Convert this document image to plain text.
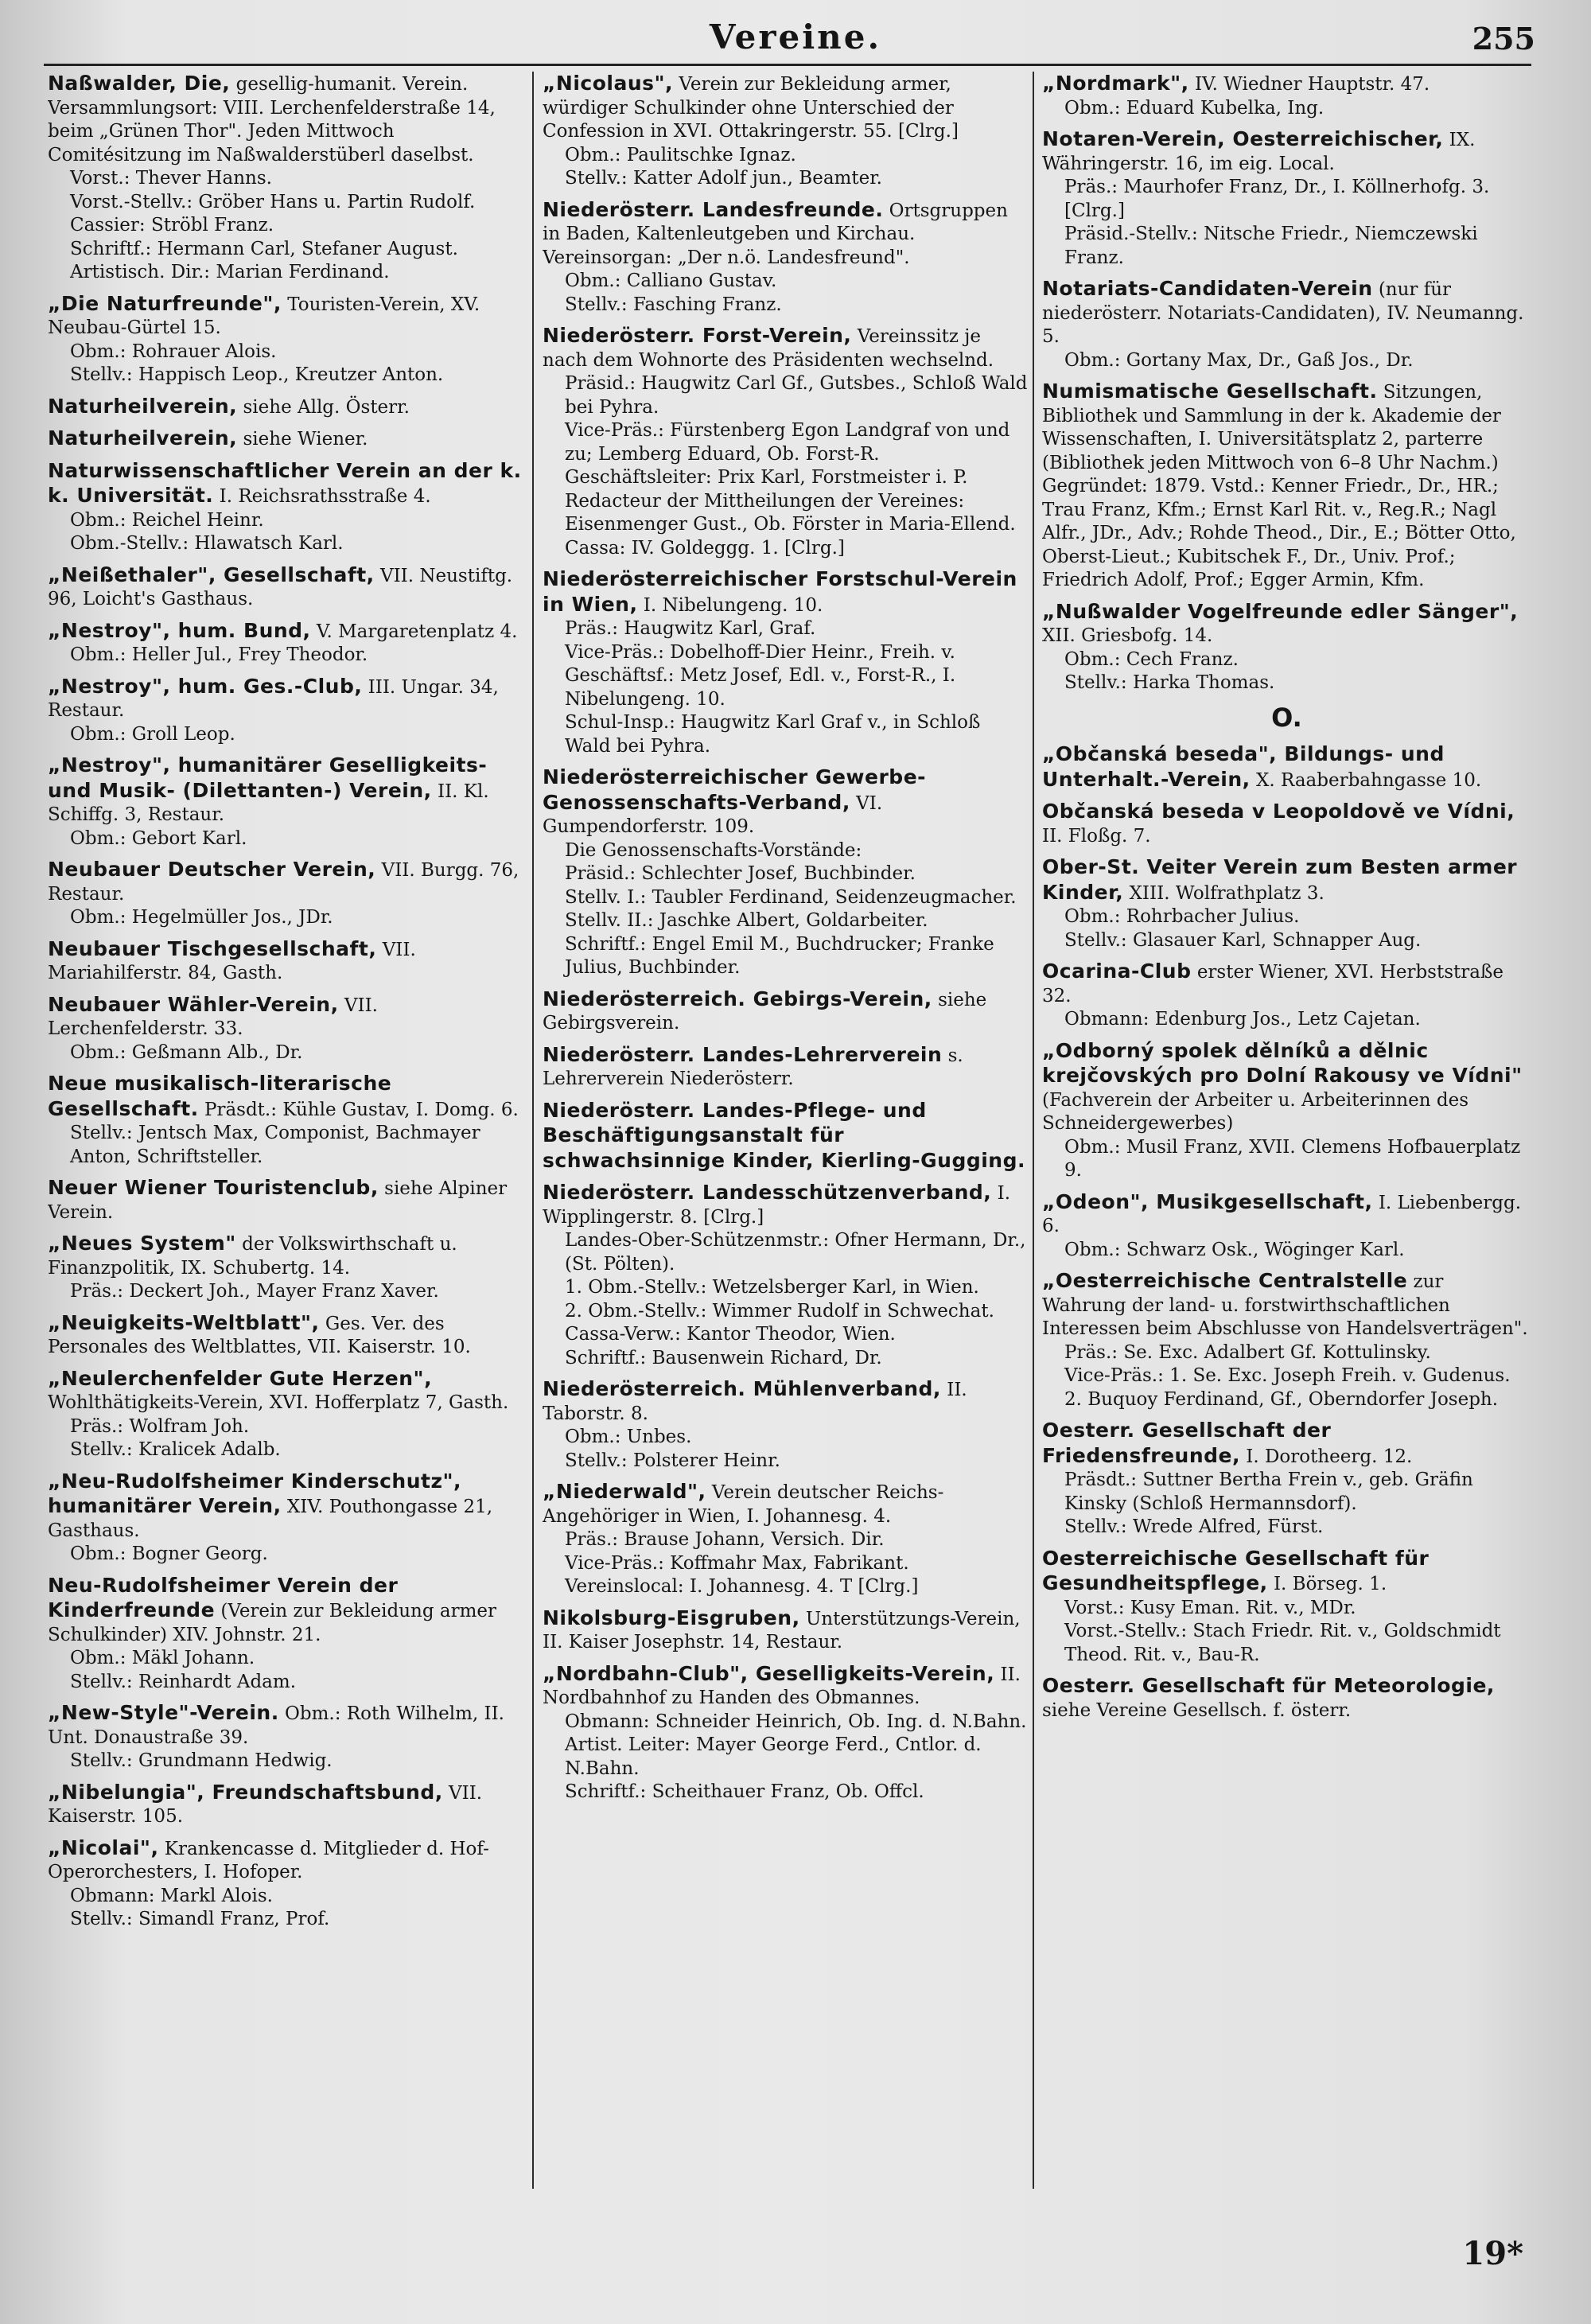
Vereine.	255
Naßwalder, Die, gesellig-humanit. Verein. Versammlungsort: VIII. Lerchenfelderstraße 14, beim „Grünen Thor". Jeden Mittwoch Comitésitzung im Naßwalderstüberl daselbst.
Vorst.: Thever Hanns.
Vorst.-Stellv.: Gröber Hans u. Partin Rudolf.
Cassier: Ströbl Franz.
Schriftf.: Hermann Carl, Stefaner August.
Artistisch. Dir.: Marian Ferdinand.
„Die Naturfreunde", Touristen-Verein, XV. Neubau-Gürtel 15.
Obm.: Rohrauer Alois.
Stellv.: Happisch Leop., Kreutzer Anton.
Naturheilverein, siehe Allg. Österr.
Naturheilverein, siehe Wiener.
Naturwissenschaftlicher Verein an der k. k. Universität. I. Reichsrathsstraße 4.
Obm.: Reichel Heinr.
Obm.-Stellv.: Hlawatsch Karl.
„Neißethaler", Gesellschaft, VII. Neustiftg. 96, Loicht's Gasthaus.
„Nestroy", hum. Bund, V. Margaretenplatz 4.
Obm.: Heller Jul., Frey Theodor.
„Nestroy", hum. Ges.-Club, III. Ungar. 34, Restaur.
Obm.: Groll Leop.
„Nestroy", humanitärer Geselligkeits- und Musik- (Dilettanten-) Verein, II. Kl. Schiffg. 3, Restaur.
Obm.: Gebort Karl.
Neubauer Deutscher Verein, VII. Burgg. 76, Restaur.
Obm.: Hegelmüller Jos., JDr.
Neubauer Tischgesellschaft, VII. Mariahilferstr. 84, Gasth.
Neubauer Wähler-Verein, VII. Lerchenfelderstr. 33.
Obm.: Geßmann Alb., Dr.
Neue musikalisch-literarische Gesellschaft. Präsdt.: Kühle Gustav, I. Domg. 6.
Stellv.: Jentsch Max, Componist, Bachmayer Anton, Schriftsteller.
Neuer Wiener Touristenclub, siehe Alpiner Verein.
„Neues System" der Volkswirthschaft u. Finanzpolitik, IX. Schubertg. 14.
Präs.: Deckert Joh., Mayer Franz Xaver.
„Neuigkeits-Weltblatt", Ges. Ver. des Personales des Weltblattes, VII. Kaiserstr. 10.
„Neulerchenfelder Gute Herzen", Wohlthätigkeits-Verein, XVI. Hofferplatz 7, Gasth.
Präs.: Wolfram Joh.
Stellv.: Kralicek Adalb.
„Neu-Rudolfsheimer Kinderschutz", humanitärer Verein, XIV. Pouthongasse 21, Gasthaus.
Obm.: Bogner Georg.
Neu-Rudolfsheimer Verein der Kinderfreunde (Verein zur Bekleidung armer Schulkinder) XIV. Johnstr. 21.
Obm.: Mäkl Johann.
Stellv.: Reinhardt Adam.
„New-Style"-Verein. Obm.: Roth Wilhelm, II. Unt. Donaustraße 39.
Stellv.: Grundmann Hedwig.
„Nibelungia", Freundschaftsbund, VII. Kaiserstr. 105.
„Nicolai", Krankencasse d. Mitglieder d. Hof-Operorchesters, I. Hofoper.
Obmann: Markl Alois.
Stellv.: Simandl Franz, Prof.
„Nicolaus", Verein zur Bekleidung armer, würdiger Schulkinder ohne Unterschied der Confession in XVI. Ottakringerstr. 55. [Clrg.]
Obm.: Paulitschke Ignaz.
Stellv.: Katter Adolf jun., Beamter.
Niederösterr. Landesfreunde. Ortsgruppen in Baden, Kaltenleutgeben und Kirchau. Vereinsorgan: „Der n.ö. Landesfreund".
Obm.: Calliano Gustav.
Stellv.: Fasching Franz.
Niederösterr. Forst-Verein, Vereinssitz je nach dem Wohnorte des Präsidenten wechselnd.
Präsid.: Haugwitz Carl Gf., Gutsbes., Schloß Wald bei Pyhra.
Vice-Präs.: Fürstenberg Egon Landgraf von und zu; Lemberg Eduard, Ob. Forst-R.
Geschäftsleiter: Prix Karl, Forstmeister i. P.
Redacteur der Mittheilungen der Vereines: Eisenmenger Gust., Ob. Förster in Maria-Ellend.
Cassa: IV. Goldeggg. 1. [Clrg.]
Niederösterreichischer Forstschul-Verein in Wien, I. Nibelungeng. 10.
Präs.: Haugwitz Karl, Graf.
Vice-Präs.: Dobelhoff-Dier Heinr., Freih. v.
Geschäftsf.: Metz Josef, Edl. v., Forst-R., I. Nibelungeng. 10.
Schul-Insp.: Haugwitz Karl Graf v., in Schloß Wald bei Pyhra.
Niederösterreichischer Gewerbe-Genossenschafts-Verband, VI. Gumpendorferstr. 109.
Die Genossenschafts-Vorstände:
Präsid.: Schlechter Josef, Buchbinder.
Stellv. I.: Taubler Ferdinand, Seidenzeugmacher.
Stellv. II.: Jaschke Albert, Goldarbeiter.
Schriftf.: Engel Emil M., Buchdrucker; Franke Julius, Buchbinder.
Niederösterreich. Gebirgs-Verein, siehe Gebirgsverein.
Niederösterr. Landes-Lehrerverein s. Lehrerverein Niederösterr.
Niederösterr. Landes-Pflege- und Beschäftigungsanstalt für schwachsinnige Kinder, Kierling-Gugging.
Niederösterr. Landesschützenverband, I. Wipplingerstr. 8. [Clrg.]
Landes-Ober-Schützenmstr.: Ofner Hermann, Dr., (St. Pölten).
1. Obm.-Stellv.: Wetzelsberger Karl, in Wien.
2. Obm.-Stellv.: Wimmer Rudolf in Schwechat.
Cassa-Verw.: Kantor Theodor, Wien.
Schriftf.: Bausenwein Richard, Dr.
Niederösterreich. Mühlenverband, II. Taborstr. 8.
Obm.: Unbes.
Stellv.: Polsterer Heinr.
„Niederwald", Verein deutscher Reichs-Angehöriger in Wien, I. Johannesg. 4.
Präs.: Brause Johann, Versich. Dir.
Vice-Präs.: Koffmahr Max, Fabrikant.
Vereinslocal: I. Johannesg. 4. T [Clrg.]
Nikolsburg-Eisgruben, Unterstützungs-Verein, II. Kaiser Josephstr. 14, Restaur.
„Nordbahn-Club", Geselligkeits-Verein, II. Nordbahnhof zu Handen des Obmannes.
Obmann: Schneider Heinrich, Ob. Ing. d. N.Bahn.
Artist. Leiter: Mayer George Ferd., Cntlor. d. N.Bahn.
Schriftf.: Scheithauer Franz, Ob. Offcl.
„Nordmark", IV. Wiedner Hauptstr. 47.
Obm.: Eduard Kubelka, Ing.
Notaren-Verein, Oesterreichischer, IX. Währingerstr. 16, im eig. Local.
Präs.: Maurhofer Franz, Dr., I. Köllnerhofg. 3. [Clrg.]
Präsid.-Stellv.: Nitsche Friedr., Niemczewski Franz.
Notariats-Candidaten-Verein (nur für niederösterr. Notariats-Candidaten), IV. Neumanng. 5.
Obm.: Gortany Max, Dr., Gaß Jos., Dr.
Numismatische Gesellschaft. Sitzungen, Bibliothek und Sammlung in der k. Akademie der Wissenschaften, I. Universitätsplatz 2, parterre (Bibliothek jeden Mittwoch von 6–8 Uhr Nachm.) Gegründet: 1879. Vstd.: Kenner Friedr., Dr., HR.; Trau Franz, Kfm.; Ernst Karl Rit. v., Reg.R.; Nagl Alfr., JDr., Adv.; Rohde Theod., Dir., E.; Bötter Otto, Oberst-Lieut.; Kubitschek F., Dr., Univ. Prof.; Friedrich Adolf, Prof.; Egger Armin, Kfm.
„Nußwalder Vogelfreunde edler Sänger", XII. Griesbofg. 14.
Obm.: Cech Franz.
Stellv.: Harka Thomas.
O.
„Občanská beseda", Bildungs- und Unterhalt.-Verein, X. Raaberbahngasse 10.
Občanská beseda v Leopoldově ve Vídni, II. Floßg. 7.
Ober-St. Veiter Verein zum Besten armer Kinder, XIII. Wolfrathplatz 3.
Obm.: Rohrbacher Julius.
Stellv.: Glasauer Karl, Schnapper Aug.
Ocarina-Club erster Wiener, XVI. Herbststraße 32.
Obmann: Edenburg Jos., Letz Cajetan.
„Odborný spolek dělníků a dělnic krejčovských pro Dolní Rakousy ve Vídni" (Fachverein der Arbeiter u. Arbeiterinnen des Schneidergewerbes)
Obm.: Musil Franz, XVII. Clemens Hofbauerplatz 9.
„Odeon", Musikgesellschaft, I. Liebenbergg. 6.
Obm.: Schwarz Osk., Wöginger Karl.
„Oesterreichische Centralstelle zur Wahrung der land- u. forstwirthschaftlichen Interessen beim Abschlusse von Handelsverträgen".
Präs.: Se. Exc. Adalbert Gf. Kottulinsky.
Vice-Präs.: 1. Se. Exc. Joseph Freih. v. Gudenus. 2. Buquoy Ferdinand, Gf., Oberndorfer Joseph.
Oesterr. Gesellschaft der Friedensfreunde, I. Dorotheerg. 12.
Präsdt.: Suttner Bertha Frein v., geb. Gräfin Kinsky (Schloß Hermannsdorf).
Stellv.: Wrede Alfred, Fürst.
Oesterreichische Gesellschaft für Gesundheitspflege, I. Börseg. 1.
Vorst.: Kusy Eman. Rit. v., MDr.
Vorst.-Stellv.: Stach Friedr. Rit. v., Goldschmidt Theod. Rit. v., Bau-R.
Oesterr. Gesellschaft für Meteorologie, siehe Vereine Gesellsch. f. österr.
19*
